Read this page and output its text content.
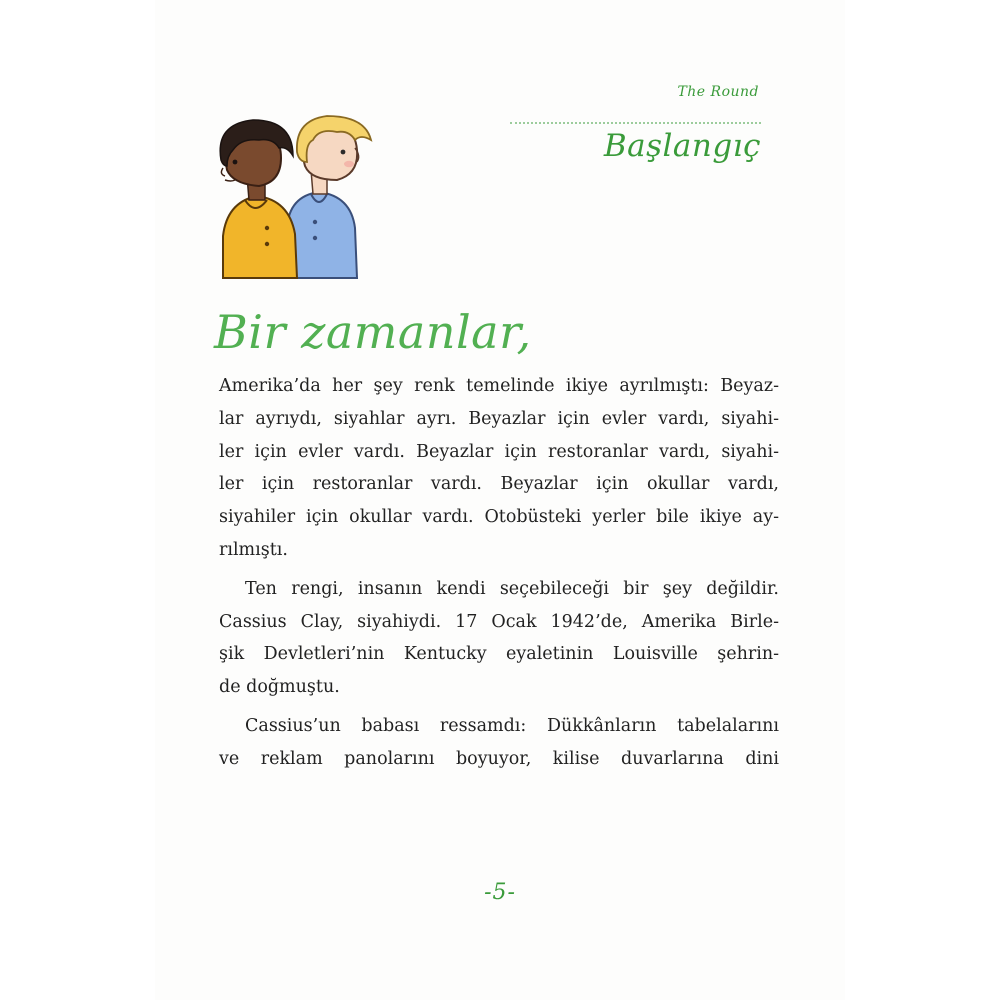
The Round
Başlangıç
Bir zamanlar,
Amerika’da her şey renk temelinde ikiye ayrılmıştı: Beyaz-
lar ayrıydı, siyahlar ayrı. Beyazlar için evler vardı, siyahi-
ler için evler vardı. Beyazlar için restoranlar vardı, siyahi-
ler için restoranlar vardı. Beyazlar için okullar vardı,
siyahiler için okullar vardı. Otobüsteki yerler bile ikiye ay-
rılmıştı.
Ten rengi, insanın kendi seçebileceği bir şey değildir.
Cassius Clay, siyahiydi. 17 Ocak 1942’de, Amerika Birle-
şik Devletleri’nin Kentucky eyaletinin Louisville şehrin-
de doğmuştu.
Cassius’un babası ressamdı: Dükkânların tabelalarını
ve reklam panolarını boyuyor, kilise duvarlarına dini
-5-
